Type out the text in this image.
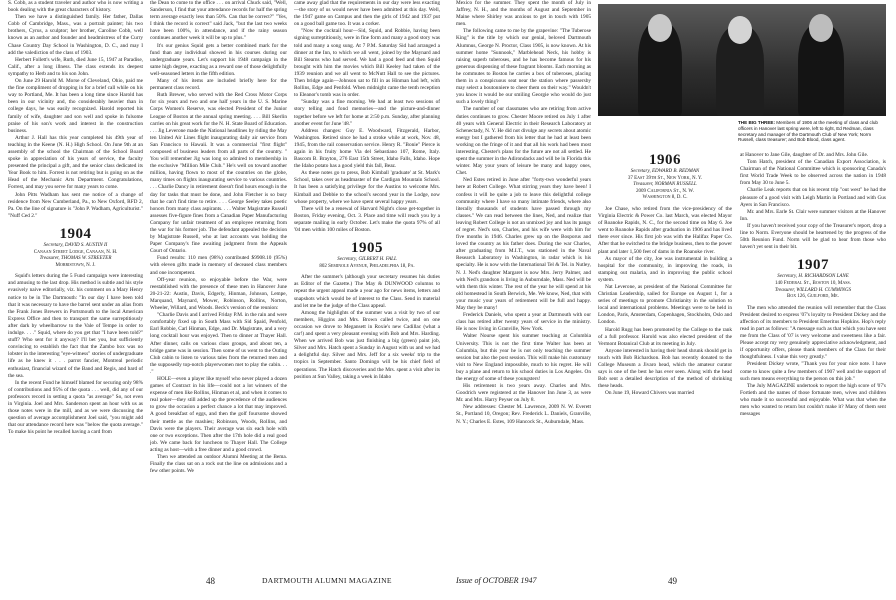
S. Cobb, as a student traveler and author who is now writing a book dealing with the great characters of history.

Then we have a distinguished family. Her father, Dallas Cobb of Cambridge, Mass., was a portrait painter; his two brothers, Cyrus, a sculptor; her brother, Caroline Cobb, well known as an author and founder and headmistress of the Curry Chase Country Day School in Washington, D. C., and may I add the valediction of the class of 1903.

Herbert Follett's wife, Ruth, died June 15, 1947 at Paradise, Calif., after a long illness. The class extends its deepest sympathy to Herb and to his son John.

On June 29 Harold M. Morse of Cleveland, Ohio, paid me the fine compliment of dropping in for a brief call while on his way to Portland, Me. It has been a long time since Harold has been in our vicinity and, tho considerably heavier than in college days, he was easily recognized. Harold reported his family of wife, daughter and son well and spoke in fulsome praise of his son's work and interest in the construction business.

Arthur J. Hall has this year completed his 49th year of teaching in the Keene (N. H.) High School. On June 9th at an assembly of the school the Chairman of the School Board spoke in appreciation of his years of service, the faculty presented the principal a gift, and the senior class dedicated its Year Book to him. Forrest is not retiring but is going on as the Head of the Mechanic Arts Department. Congratulations, Forrest, and may you serve for many years to come.

John Pitts Wadham has sent me notice of a change of residence from New Cumberland, Pa., to New Oxford, RFD 2, Pa. On the line of signature is "John P. Wadham, Agriculturist." "Nuff Ced 2."

1904
Secretary, DAVID S. AUSTIN II
Canaan Street Lodge, Canaan, N. H.
Treasurer, THOMAS W. STREETER
Morristown, N. J.

Squid's letters during the 5 Fund campaign were interesting and amusing to the last drop. His method is subtle and his style evasively naive editorially, viz. his comment on a Mary Henry notice to be in The Dartmouth: "In our day I have been told that it was necessary to have the barrel sent under an alias from the Frank Jones Brewers in Portsmouth to the local American Express Office and then to transport the same surreptitiously after dark by wheelbarrow to the Vale of Tempe in order to indulge. . . ." Squid, where do you get that "I have been told?" stuff? Who sent for it anyway? I'll bet you, but sufficiently convincing to establish the fact that the Zambo box was no lobster in the interesting "eye-witness" stories of undergraduate life as he knew it . . . parrot fancier, Montreal periodic enthusiast, financial wizard of the Band and Regis, and bard of the sea.

In the recent Fund he himself blamed for securing only 98% of contributions and 95% of the quota . . . well, did any of our professors record in setting a quota "as average" So, not even in Virginia. Joel and Mrs. Sanderson spent an hour with us as those notes were in the mill, and as we were discussing the question of average accomplishment Joel said, "you might add that our attendance record here was "below the quota average." To make his point he recalled having a card from

the Dean to come to the office . . . on arrival Chuck said, "Well, Sanderson, I find that your attendance records for half the spring term average exactly less than 50%. Can that be correct?" "Yes, I think the record is correct" said Jack, "but the last two weeks have been 100%, in attendance, and if the rainy season continues another week it will be up to plus."

It's our genius Squid gets a better combined mark for the fund than any individual showed in his courses during our undergraduate years. Let's support his 1948 campaign in the same high degree, exacting as a reward one of those delightfully well-seasoned letters in the fifth edition.

Many of his items are included briefly here for the permanent class record.

Ruth Brewer, who served with the Red Cross Motor Corps for six years and two and one half years in the U. S. Marine Corps Women's Reserve, was elected President of the Junior League of Boston at the annual spring meeting. . . . Bill Skerlin carries on his great work for the N. H. State Board of Education. . . . Jig Leverone made the National headlines by riding the May ten United Air Lines flight inaugurating daily air service from San Francisco to Hawaii. It was a commercial "first flight" composed of business leaders from all parts of the country. " You will remember Jig was long so admired to membership in the exclusive "Million Mile Club." He's well on toward another million, having flown to most of the countries on the globe, many times on flights inaugurating service to various countries. . . . Charlie Dancy in retirement doesn't find hours enough in the day for tasks that must be done, and John Fletcher is so busy that he can't find time to retire. . . . George Seeley takes poetic honors from many class aspirants. . . . Walter Magistrate Russell assesses five-figure fines from a Canadian Paper Manufacturing Company for unfair treatment of an employee returning from the war for his former job. The defendant appealed the decision by Magistrate Russell, who at last accounts was holding the Paper Company's fine awaiting judgment from the Appeals Court of Ontario.

Fund results: 110 men (98%) contributed $9908.10 (95%) with eleven gifts made in memory of deceased class members and one incompetent.

Off-year reunion, so enjoyable before the War, were reestablished with the presence of these men in Hanover June 20-21-22: Austin, Davis, Edgerly, Hinman, Johnson, Lempe, Marquand, Maynard, Mower, Robinson, Rollins, Norton, Wheeler, Willard, and Woods. Beck's version of the reunion:

"Charlie Davis and I arrived Friday P.M. in the rain and were comfortably fixed up in South Mass with Sid Spaid, Penfold, Earl Robbie, Carl Hinman, Edge, and Dr. Magistrate, and a very long cocktail hour was enjoyed. Then to dinner at Thayer Hall. After dinner, calls on various class groups, and about ten, a bridge game was in session. Then some of us went to the Outing Club cabin to listen to various tales from the returned men and the supposedly top-notch playerwomen met to play the cabin. . . ."

HOLE—even a player like myself who never played a dozen games of Contract in his life—could not a lot winners of the expense of men like Rollins, Hinman et al, and when it comes to real poker—they still added up the precedence of the audiences to grow the occasion a perfect chance a lot that may improved. A good breakfast of eggs, and then the golf foursome showed their mettle as the mashies; Robinson, Woods, Rollins, and Davis were the players. Their average was six each hole with one or two exceptions. Then after the 17th hole did a real good job. We came back for luncheon to Thayer Hall. The College acting as host—with a free dinner and a good crowd.

Then we attended an outdoor Alumni Meeting at the Bema. Finally the class sat on a rock out the line on admissions and a few other points. We

came away glad that the requirements in our day were less exacting—the story of us would never have been admitted at this day. Well, the 1947 game on Campus and then the girls of 1942 and 1937 put on a good ball game too. It was a corker.

"Now the cocktail hour—Sid, Squid, and Robbie, having been signing surreptitiously, were in fine form and many a good story was told and many a song sung. At 7 P.M. Saturday Sid had arranged a dinner at the Inn, to which we all went, joined by the Maynard and Bill Stearns who had served. We had a good feed and then Squid brought with him the movies which Bill Keeley had taken of the 1939 reunion and we all went to McNutt Hall to see the pictures. Then bridge again—Johnson sat to fill in as Hinman had left, with Rollins, Edge and Penfold. When midnight came the tenth reception to Eleanor's tomb was in order.

"Sunday was a fine morning. We had at least two sessions of story telling and fond memories—and the picture-and-dinner together before we left for home at 2:50 p.m. Sunday, after planning another event for June '48."

Address changes: Guy E. Woodward, Fitzgerald, Harbor, Washington. Retired since he had a stroke while at work, Nov. 48, 1945, from the rail conservation service. Henry R. "Bonie" Pierce is again in his fruity home Via del Sebastiano 107, Rome, Italy. Bascom B. Brayton, 276 East 15th Street, Idaho Falls, Idaho. Hope the Idaho potato has a good yield this fall, Beaz.

As these notes go to press, Bob Kimball 'graduate' at St. Mark's School, takes over as headmaster of the Cardigan Mountain School. It has been a satisfying privilege for the Austins to welcome Mrs. Kimball and Debbie to the school's second year in the Lodge, now whose property, where we have spent several happy years.

There will be a renewal of Harvard Night's close get-together in Boston, Friday evening, Oct. 3. Place and time will reach you by a separate mailing in early October. Let's make the quota 97% of all '04 men within 100 miles of Boston.

1905
Secretary, GILBERT H. FALL
802 Seminole Avenue, Philadelphia 18, Pa.

After the summer's (although your secretary resumes his duties as Editor of the Gazette.) The May & DUNWOOD columns to repeat the urgent appeal made a year ago for news items, letters and snapshots which would be of interest to the Class. Send in material and let me be the judge of the Class appeal.

Among the highlights of the summer was a visit by two of our members, Higgins and Mrs. Brown called twice, and on one occasion we drove to Megansett in Roxie's new Cadillac (what a car!) and spent a very pleasant evening with Bob and Mrs. Harding. When we arrived Bob was just finishing a big (green) paint job, Silver and Mrs. Hatch spent a Sunday in August with us and we had a delightful day. Silver and Mrs. Jeff for a six weeks' trip to the tropics in September. Santo Domingo will be his chief field of operations. The Hatch discoveries and the Mrs. spent a visit after its position at Sun Valley, taking a week in Idaho

48	DARTMOUTH ALUMNI MAGAZINE

Mexico for the summer. They spent the month of July in Jaffrey, N. H., and the months of August and September in Maine where Shirley was anxious to get in touch with 1905 men.

The following came to me by the grapevine: "The Tuberose King" is the title by which our genial, beloved Dartmouth Alumnus, George N. Proctor, Class 1905, is now known. At his summer home "Sunnook," Marblehead Neck, his hobby is raising superb tuberoses, and he has become famous for his generous dispensing of these fragrant blooms. Each morning as he commutes to Boston he carries a box of tuberoses, placing them in a conspicuous seat near the station where passersby may select a boutonniere to cheer them on their way." Wouldn't you know it would be our smiling Georgie who would do just such a lovely thing?

The number of our classmates who are retiring from active duties continues to grow. Chester Moore retired on July 1 after 40 years with General Electric in their Research Laboratory at Schenectady, N. Y. He did not divulge any secrets about atomic energy but I gathered from his letter that he had at least been working on the fringe of it and that all his work had been most interesting. Chester's plans for the future are not all settled. He spent the summer in the Adirondacks and will be in Florida this winter. May your years of leisure be many and happy ones, Chet.

Ned Estes retired in June after "forty-two wonderful years here at Robert College. What stirring years they have been! I confess it will be quite a job to leave this delightful college community where I have so many intimate friends, where also literally thousands of students have passed through my classes." We can read between the lines, Ned, and realize that leaving Robert College is not an unmixed joy and has its pangs of regret. Ned's son, Charles, and his wife were with him for five months in 1946. Charles grew up on the Bosporus and loved the country as his father does. During the war Charles, after graduating from M.I.T., was stationed in the Naval Research Laboratory in Washington, in radar which is his specialty. He is now with the International Tel & Tel. in Nutley, N. J. Ned's daughter Margaret is now Mrs. Jerry Palmer, and with Ned's grandson is living in Auburndale, Mass. Ned will be with them this winter. The rest of the year he will spend at his old homestead in South Berwick, Me. We know, Ned, that with your music your years of retirement will be full and happy. May they be many!

Frederick Daniels, who spent a year at Dartmouth with our class has retired after twenty years of service in the ministry. He is now living in Granville, New York.

Walter Nourse spent his summer teaching at Columbia University. This is not the first time Walter has been at Columbia, but this year he is not only teaching the summer session but also the post session. This will make his customary visit to New England impossible, much to his regret. He will buy a plane and return to his school duties in Los Angeles. On the energy of some of these youngsters!

His retirement is two years away. Charles and Mrs. Goodrich were registered at the Hanover Inn June 3, as were Mr. and Mrs. Harry Peyser on July 8.

New addresses: Chester M. Lawrence, 2009 N. W. Everett St., Portland 10, Oregon; Rev. Frederick L. Daniels, Granville, N. Y.; Charles E. Estes, 109 Hancock St., Auburndale, Mass.

1906
Secretary, EDWARD B. REDMAN
37 East 39th St., New York, N. Y.
Treasurer, NORMAN RUSSELL
2009 California St., N. W.
Washington 8, D. C.

Joe Chase, who retired from the vice-presidency of the Virginia Electric & Power Co. last March, was elected Mayor of Roanoke Rapids, N. C., for the second time on May 6. Joe went to Roanoke Rapids after graduation in 1906 and has lived there ever since. His first job was with the Halifax Paper Co. After that he switched to the bridge business, then to the power plant and later 1,500 feet of dams in the Roanoke river.

As mayor of the city, Joe was instrumental in building a hospital for the community, in improving the roads, in stamping out malaria, and in improving the public school system.

Nat Leverone, as president of the National Committee for Christian Leadership, sailed for Europe on August 1, for a series of meetings to promote Christianity in the solution to local and international problems. Meetings were to be held in London, Paris, Amsterdam, Copenhagen, Stockholm, Oslo and London.

Harold Rugg has been promoted by the College to the rank of a full professor. Harold was also elected president of the Vermont Botanical Club at its meeting in July.

Anyone interested in having their head shrunk should get in touch with Bob Richardson. Bob has recently donated to the College Museum a Jivaro head, which the amateur curator says is one of the best he has ever seen. Along with the head Bob sent a detailed description of the method of shrinking these heads.

On June 19, Howard Chivers was married

THE BIG THREE: Members of 1906 at the meeting of class and club officers in Hanover last spring were, left to right, Ed Redman, class secretary and manager of the Dartmouth Club of New York; Norm Russell, class treasurer; and Bob Blood, class agent.

at Hanover to Jane Gile, daughter of Dr. and Mrs. John Gile.

Tom Hatch, president of the Canadian Export Association, is Chairman of the National Committee which is sponsoring Canada's first World Trade Week to be observed across the nation in 1948 from May 30 to June 5.

Charlie Leak reports that on his recent trip "out west" he had the pleasure of a good visit with Leigh Martin in Portland and with Gus Ayers in San Francisco.

Mr. and Mrs. Earle St. Clair were summer visitors at the Hanover Inn.

If you haven't received your copy of the Treasurer's report, drop a line to Norm. Everyone should be heartened by the progress of the 50th Reunion Fund. Norm will be glad to hear from those who haven't yet sent in their bit.

1907
Secretary, H. RICHARDSON LANE
140 Federal St., Boston 10, Mass.
Treasurer, WILLARD H. CUMMINGS
Box 126, Guilford, Me.

The men who attended the reunion will remember that the Class President desired to express '07's loyalty to President Dickey and the affection of its members to President Emeritus Hopkins. Hop's reply read in part as follows: "A message such as that which you have sent me from the Class of '07 is very welcome and sweetness like a fair. Please accept my very genuinely appreciative acknowledgment, and if opportunity offers, please thank members of the Class for their thoughtfulness. I value this very greatly."

President Dickey wrote, "Thank you for your nice note. I have come to know quite a few members of 1907 well and the support of such men means everything to the person on this job."

The July MAGAZINE undertook to report the high score of '07's Fortieth and the names of those fortunate men, wives and children who made it so successful and enjoyable. What was that when the men who wanted to return but couldn't make it? Many of them sent messages

Issue of OCTOBER 1947	49
